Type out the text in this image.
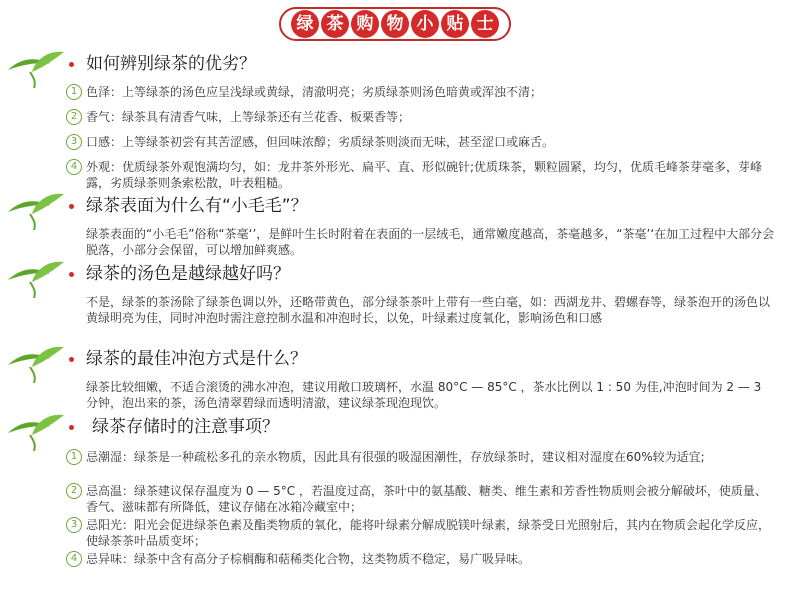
绿 茶 购 物 小 贴 士
如何辨别绿茶的优劣？
1 色泽：上等绿茶的汤色应呈浅绿或黄绿，清澈明亮；劣质绿茶则汤色暗黄或浑浊不清；
2 香气：绿茶具有清香气味，上等绿茶还有兰花香、板栗香等；
3 口感：上等绿茶初尝有其苦涩感，但回味浓醇；劣质绿茶则淡而无味，甚至涩口或麻舌。
4 外观：优质绿茶外观饱满均匀，如：龙井茶外形光、扁平、直、形似碗针;优质珠茶，颗粒圆紧，均匀，优质毛峰茶芽毫多，芽峰露，劣质绿茶则条索松散，叶表粗糙。
绿茶表面为什么有“小毛毛”？
绿茶表面的“小毛毛”俗称“茶毫‘’，是鲜叶生长时附着在表面的一层绒毛，通常嫩度越高，茶毫越多，“茶毫’‘在加工过程中大部分会脱落，小部分会保留，可以增加鲜爽感。
绿茶的汤色是越绿越好吗？
不是，绿茶的茶汤除了绿茶色调以外，还略带黄色，部分绿茶茶叶上带有一些白毫，如：西湖龙井、碧螺春等，绿茶泡开的汤色以黄绿明亮为佳，同时冲泡时需注意控制水温和冲泡时长，以免，叶绿素过度氧化，影响汤色和口感
绿茶的最佳冲泡方式是什么？
绿茶比较细嫩，不适合滚烫的沸水冲泡，建议用敞口玻璃杯，水温 80°C — 85°C ，茶水比例以 1 : 50 为佳,冲泡时间为 2 — 3 分钟，泡出来的茶，汤色清翠碧绿而透明清澈，建议绿茶现泡现饮。
绿茶存储时的注意事项？
1 忌潮湿：绿茶是一种疏松多孔的亲水物质，因此具有很强的吸湿困潮性，存放绿茶时，建议相对湿度在60%较为适宜;
2 忌高温：绿茶建议保存温度为 0 — 5°C ，若温度过高，茶叶中的氨基酸、糖类、维生素和芳香性物质则会被分解破坏，使质量、香气、滋味都有所降低，建议存储在冰箱冷藏室中；
3 忌阳光：阳光会促进绿茶色素及酯类物质的氧化，能将叶绿素分解成脱镁叶绿素，绿茶受日光照射后，其内在物质会起化学反应，使绿茶茶叶品质变坏；
4 忌异味：绿茶中含有高分子棕榈酶和萜稀类化合物，这类物质不稳定，易广吸异味。
